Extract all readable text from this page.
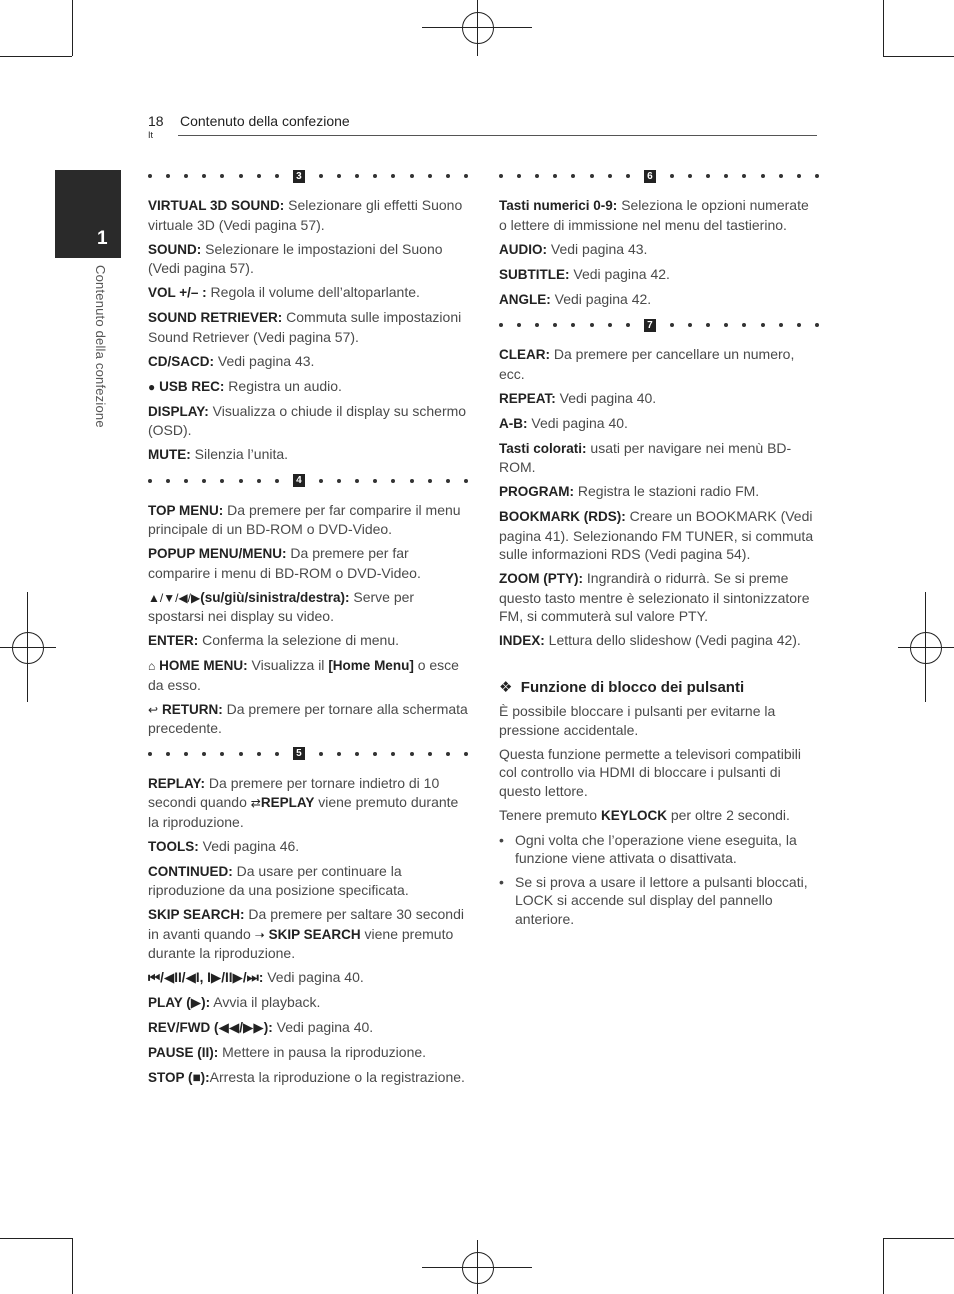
18
It
Contenuto della confezione
1
Contenuto della confezione
3

VIRTUAL 3D SOUND: Selezionare gli effetti Suono virtuale 3D (Vedi pagina 57).

SOUND: Selezionare le impostazioni del Suono (Vedi pagina 57).

VOL +/– : Regola il volume dell’altoparlante.

SOUND RETRIEVER: Commuta sulle impostazioni Sound Retriever (Vedi pagina 57).

CD/SACD: Vedi pagina 43.

● USB REC: Registra un audio.

DISPLAY: Visualizza o chiude il display su schermo (OSD).

MUTE: Silenzia l’unita.

4

TOP MENU: Da premere per far comparire il menu principale di un BD-ROM o DVD-Video.

POPUP MENU/MENU: Da premere per far comparire i menu di BD-ROM o DVD-Video.

▲/▼/◀/▶(su/giù/sinistra/destra): Serve per spostarsi nei display su video.

ENTER: Conferma la selezione di menu.

⌂ HOME MENU: Visualizza il [Home Menu] o esce da esso.

↩ RETURN: Da premere per tornare alla schermata precedente.

5

REPLAY: Da premere per tornare indietro di 10 secondi quando ⇄REPLAY viene premuto durante la riproduzione.

TOOLS: Vedi pagina 46.

CONTINUED: Da usare per continuare la riproduzione da una posizione specificata.

SKIP SEARCH: Da premere per saltare 30 secondi in avanti quando ➝ SKIP SEARCH viene premuto durante la riproduzione.

⏮/◀II/◀I, I▶/II▶/⏭: Vedi pagina 40.

PLAY (▶): Avvia il playback.

REV/FWD (◀◀/▶▶): Vedi pagina 40.

PAUSE (II): Mettere in pausa la riproduzione.

STOP (■):Arresta la riproduzione o la registrazione.

6

Tasti numerici 0-9: Seleziona le opzioni numerate o lettere di immissione nel menu del tastierino.

AUDIO: Vedi pagina 43.

SUBTITLE: Vedi pagina 42.

ANGLE: Vedi pagina 42.

7

CLEAR: Da premere per cancellare un numero, ecc.

REPEAT: Vedi pagina 40.

A-B: Vedi pagina 40.

Tasti colorati: usati per navigare nei menù BD-ROM.

PROGRAM: Registra le stazioni radio FM.

BOOKMARK (RDS): Creare un BOOKMARK (Vedi pagina 41). Selezionando FM TUNER, si commuta sulle informazioni RDS (Vedi pagina 54).

ZOOM (PTY): Ingrandirà o ridurrà. Se si preme questo tasto mentre è selezionato il sintonizzatore FM, si commuterà sul valore PTY.

INDEX: Lettura dello slideshow (Vedi pagina 42).

❖ Funzione di blocco dei pulsanti

È possibile bloccare i pulsanti per evitarne la pressione accidentale.

Questa funzione permette a televisori compatibili col controllo via HDMI di bloccare i pulsanti di questo lettore.

Tenere premuto KEYLOCK per oltre 2 secondi.

• Ogni volta che l’operazione viene eseguita, la funzione viene attivata o disattivata.
• Se si prova a usare il lettore a pulsanti bloccati, LOCK si accende sul display del pannello anteriore.
